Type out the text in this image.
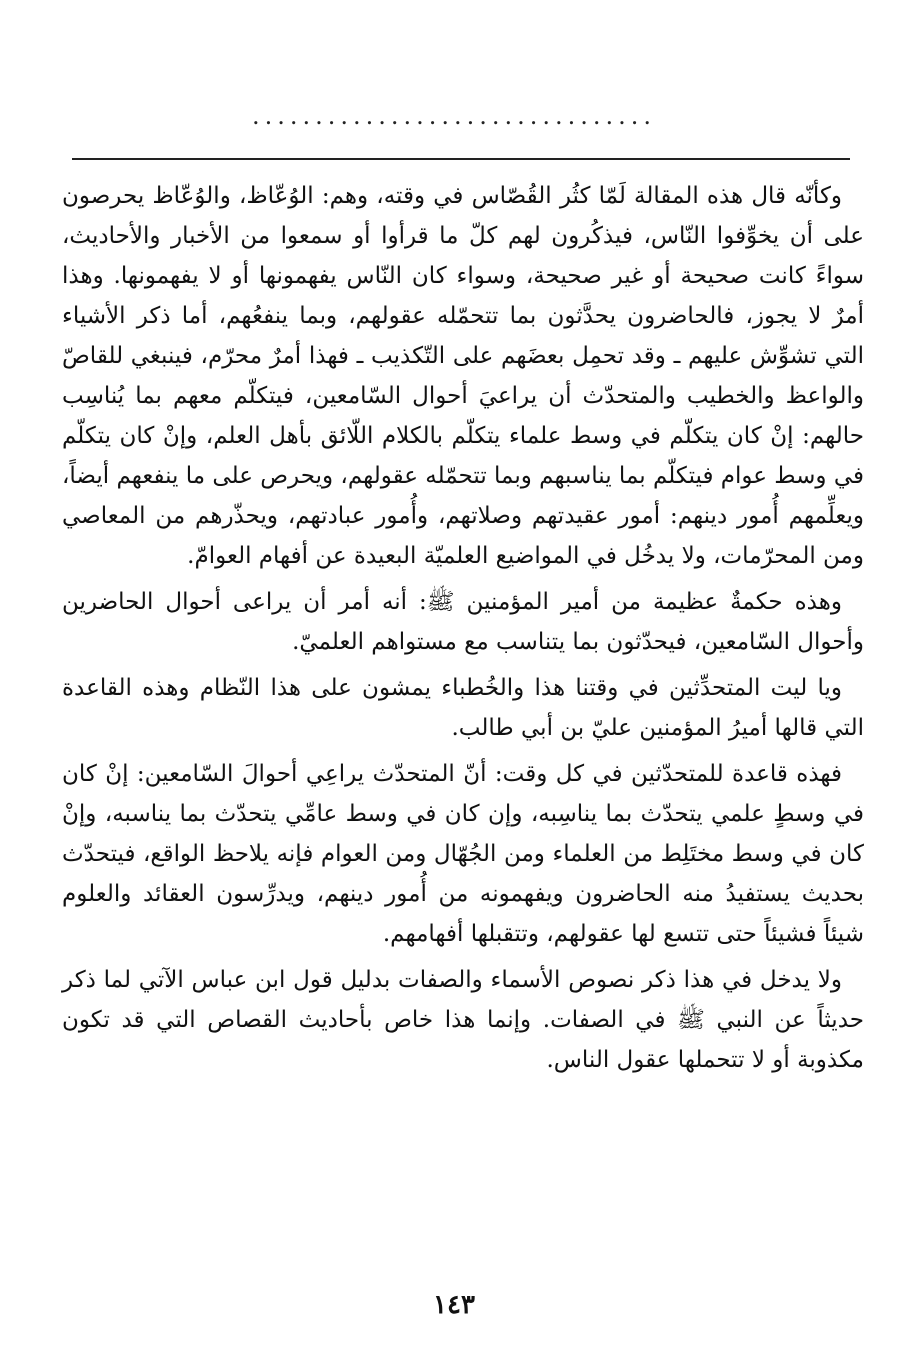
................................

وكأنّه قال هذه المقالة لَمّا كثُر القُصّاس في وقته، وهم: الوُعّاظ، والوُعّاظ يحرصون على أن يخوِّفوا النّاس، فيذكُرون لهم كلّ ما قرأوا أو سمعوا من الأخبار والأحاديث، سواءً كانت صحيحة أو غير صحيحة، وسواء كان النّاس يفهمونها أو لا يفهمونها. وهذا أمرٌ لا يجوز، فالحاضرون يحدَّثون بما تتحمّله عقولهم، وبما ينفعُهم، أما ذكر الأشياء التي تشوِّش عليهم ـ وقد تحمِل بعضَهم على التّكذيب ـ فهذا أمرٌ محرّم، فينبغي للقاصّ والواعظ والخطيب والمتحدّث أن يراعيَ أحوال السّامعين، فيتكلّم معهم بما يُناسِب حالهم: إنْ كان يتكلّم في وسط علماء يتكلّم بالكلام اللّائق بأهل العلم، وإنْ كان يتكلّم في وسط عوام فيتكلّم بما يناسبهم وبما تتحمّله عقولهم، ويحرص على ما ينفعهم أيضاً، ويعلِّمهم أُمور دينهم: أمور عقيدتهم وصلاتهم، وأُمور عبادتهم، ويحذّرهم من المعاصي ومن المحرّمات، ولا يدخُل في المواضيع العلميّة البعيدة عن أفهام العوامّ.

وهذه حكمةٌ عظيمة من أمير المؤمنين ﷺ: أنه أمر أن يراعى أحوال الحاضرين وأحوال السّامعين، فيحدّثون بما يتناسب مع مستواهم العلميّ.

ويا ليت المتحدِّثين في وقتنا هذا والخُطباء يمشون على هذا النّظام وهذه القاعدة التي قالها أميرُ المؤمنين عليّ بن أبي طالب.

فهذه قاعدة للمتحدّثين في كل وقت: أنّ المتحدّث يراعِي أحوالَ السّامعين: إنْ كان في وسطٍ علمي يتحدّث بما يناسِبه، وإن كان في وسط عامِّي يتحدّث بما يناسبه، وإنْ كان في وسط مختَلِط من العلماء ومن الجُهّال ومن العوام فإنه يلاحظ الواقع، فيتحدّث بحديث يستفيدُ منه الحاضرون ويفهمونه من أُمور دينهم، ويدرِّسون العقائد والعلوم شيئاً فشيئاً حتى تتسع لها عقولهم، وتتقبلها أفهامهم.

ولا يدخل في هذا ذكر نصوص الأسماء والصفات بدليل قول ابن عباس الآتي لما ذكر حديثاً عن النبي ﷺ في الصفات. وإنما هذا خاص بأحاديث القصاص التي قد تكون مكذوبة أو لا تتحملها عقول الناس.

١٤٣
